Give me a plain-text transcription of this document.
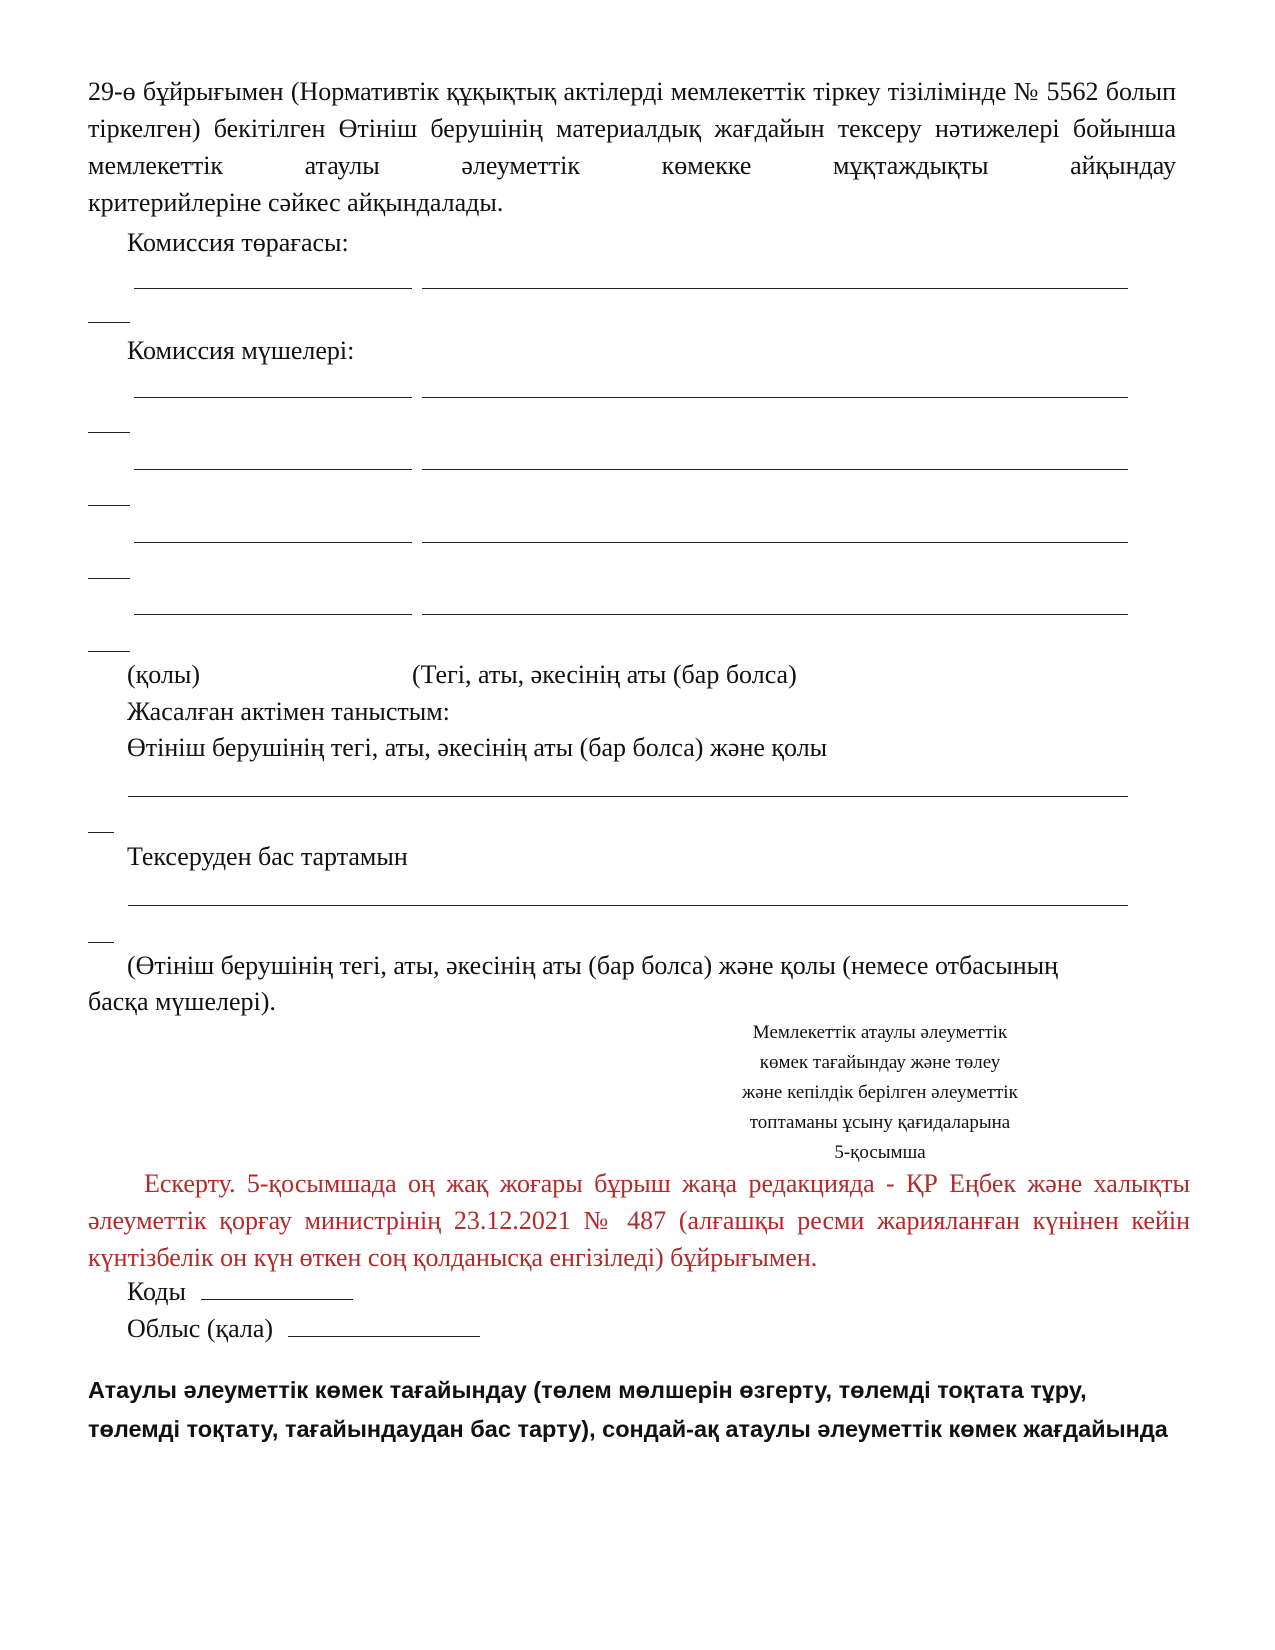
29-ө бұйрығымен (Нормативтік құқықтық актілерді мемлекеттік тіркеу тізілімінде № 5562 болып тіркелген) бекітілген Өтініш берушінің материалдық жағдайын тексеру нәтижелері бойынша мемлекеттік атаулы әлеуметтік көмекке мұқтаждықты айқындау
критерийлеріне сәйкес айқындалады.
Комиссия төрағасы:
Комиссия мүшелері:
(қолы)	(Тегі, аты, әкесінің аты (бар болса)
Жасалған актімен таныстым:
Өтініш берушінің тегі, аты, әкесінің аты (бар болса) және қолы
Тексеруден бас тартамын
(Өтініш берушінің тегі, аты, әкесінің аты (бар болса) және қолы (немесе отбасының
басқа мүшелері).
Мемлекеттік атаулы әлеуметтік
көмек тағайындау және төлеу
және кепілдік берілген әлеуметтік
топтаманы ұсыну қағидаларына
5-қосымша
Ескерту. 5-қосымшада оң жақ жоғары бұрыш жаңа редакцияда - ҚР Еңбек және халықты әлеуметтік қорғау министрінің 23.12.2021 № 487 (алғашқы ресми жарияланған күнінен кейін күнтізбелік он күн өткен соң қолданысқа енгізіледі) бұйрығымен.
Коды
Облыс (қала)
Атаулы әлеуметтік көмек тағайындау (төлем мөлшерін өзгерту, төлемді тоқтата тұру,
төлемді тоқтату, тағайындаудан бас тарту), сондай-ақ атаулы әлеуметтік көмек жағдайында
